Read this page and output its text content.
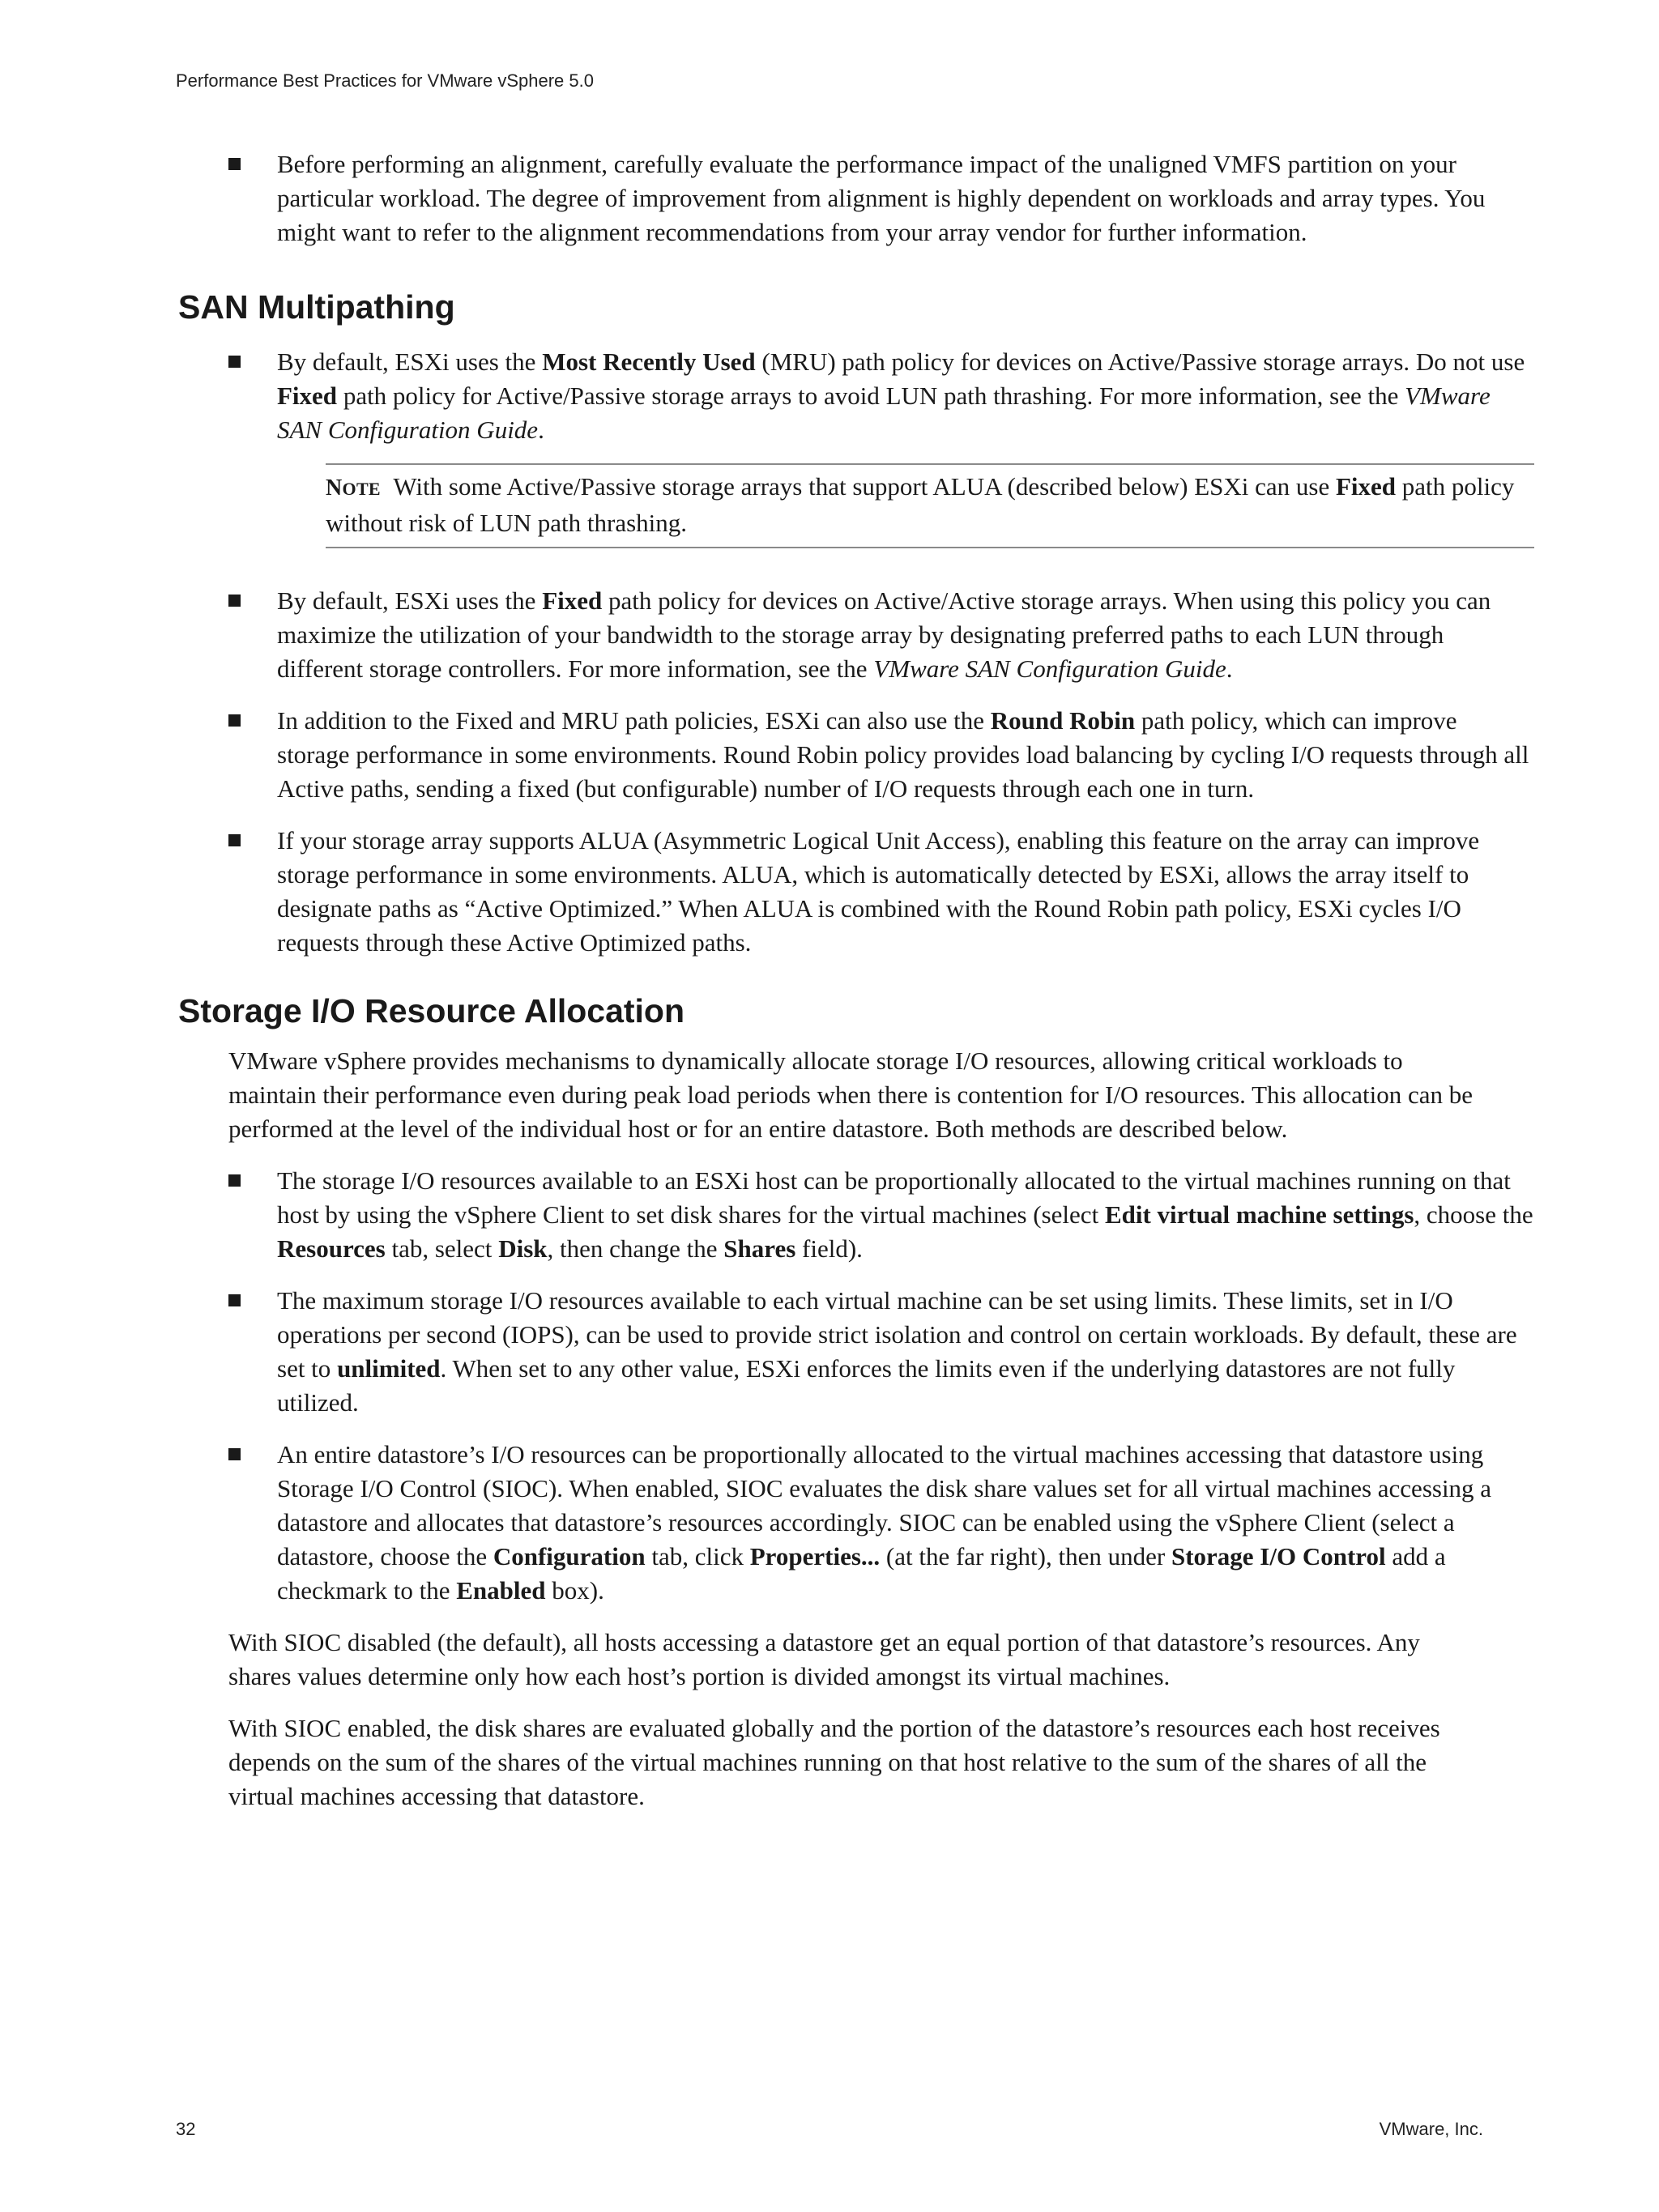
Performance Best Practices for VMware vSphere 5.0
Before performing an alignment, carefully evaluate the performance impact of the unaligned VMFS partition on your particular workload. The degree of improvement from alignment is highly dependent on workloads and array types. You might want to refer to the alignment recommendations from your array vendor for further information.
SAN Multipathing
By default, ESXi uses the Most Recently Used (MRU) path policy for devices on Active/Passive storage arrays. Do not use Fixed path policy for Active/Passive storage arrays to avoid LUN path thrashing. For more information, see the VMware SAN Configuration Guide.
NOTE With some Active/Passive storage arrays that support ALUA (described below) ESXi can use Fixed path policy without risk of LUN path thrashing.
By default, ESXi uses the Fixed path policy for devices on Active/Active storage arrays. When using this policy you can maximize the utilization of your bandwidth to the storage array by designating preferred paths to each LUN through different storage controllers. For more information, see the VMware SAN Configuration Guide.
In addition to the Fixed and MRU path policies, ESXi can also use the Round Robin path policy, which can improve storage performance in some environments. Round Robin policy provides load balancing by cycling I/O requests through all Active paths, sending a fixed (but configurable) number of I/O requests through each one in turn.
If your storage array supports ALUA (Asymmetric Logical Unit Access), enabling this feature on the array can improve storage performance in some environments. ALUA, which is automatically detected by ESXi, allows the array itself to designate paths as “Active Optimized.” When ALUA is combined with the Round Robin path policy, ESXi cycles I/O requests through these Active Optimized paths.
Storage I/O Resource Allocation

VMware vSphere provides mechanisms to dynamically allocate storage I/O resources, allowing critical workloads to maintain their performance even during peak load periods when there is contention for I/O resources. This allocation can be performed at the level of the individual host or for an entire datastore. Both methods are described below.

The storage I/O resources available to an ESXi host can be proportionally allocated to the virtual machines running on that host by using the vSphere Client to set disk shares for the virtual machines (select Edit virtual machine settings, choose the Resources tab, select Disk, then change the Shares field).
The maximum storage I/O resources available to each virtual machine can be set using limits. These limits, set in I/O operations per second (IOPS), can be used to provide strict isolation and control on certain workloads. By default, these are set to unlimited. When set to any other value, ESXi enforces the limits even if the underlying datastores are not fully utilized.
An entire datastore’s I/O resources can be proportionally allocated to the virtual machines accessing that datastore using Storage I/O Control (SIOC). When enabled, SIOC evaluates the disk share values set for all virtual machines accessing a datastore and allocates that datastore’s resources accordingly. SIOC can be enabled using the vSphere Client (select a datastore, choose the Configuration tab, click Properties... (at the far right), then under Storage I/O Control add a checkmark to the Enabled box).

With SIOC disabled (the default), all hosts accessing a datastore get an equal portion of that datastore’s resources. Any shares values determine only how each host’s portion is divided amongst its virtual machines.

With SIOC enabled, the disk shares are evaluated globally and the portion of the datastore’s resources each host receives depends on the sum of the shares of the virtual machines running on that host relative to the sum of the shares of all the virtual machines accessing that datastore.

32	VMware, Inc.
